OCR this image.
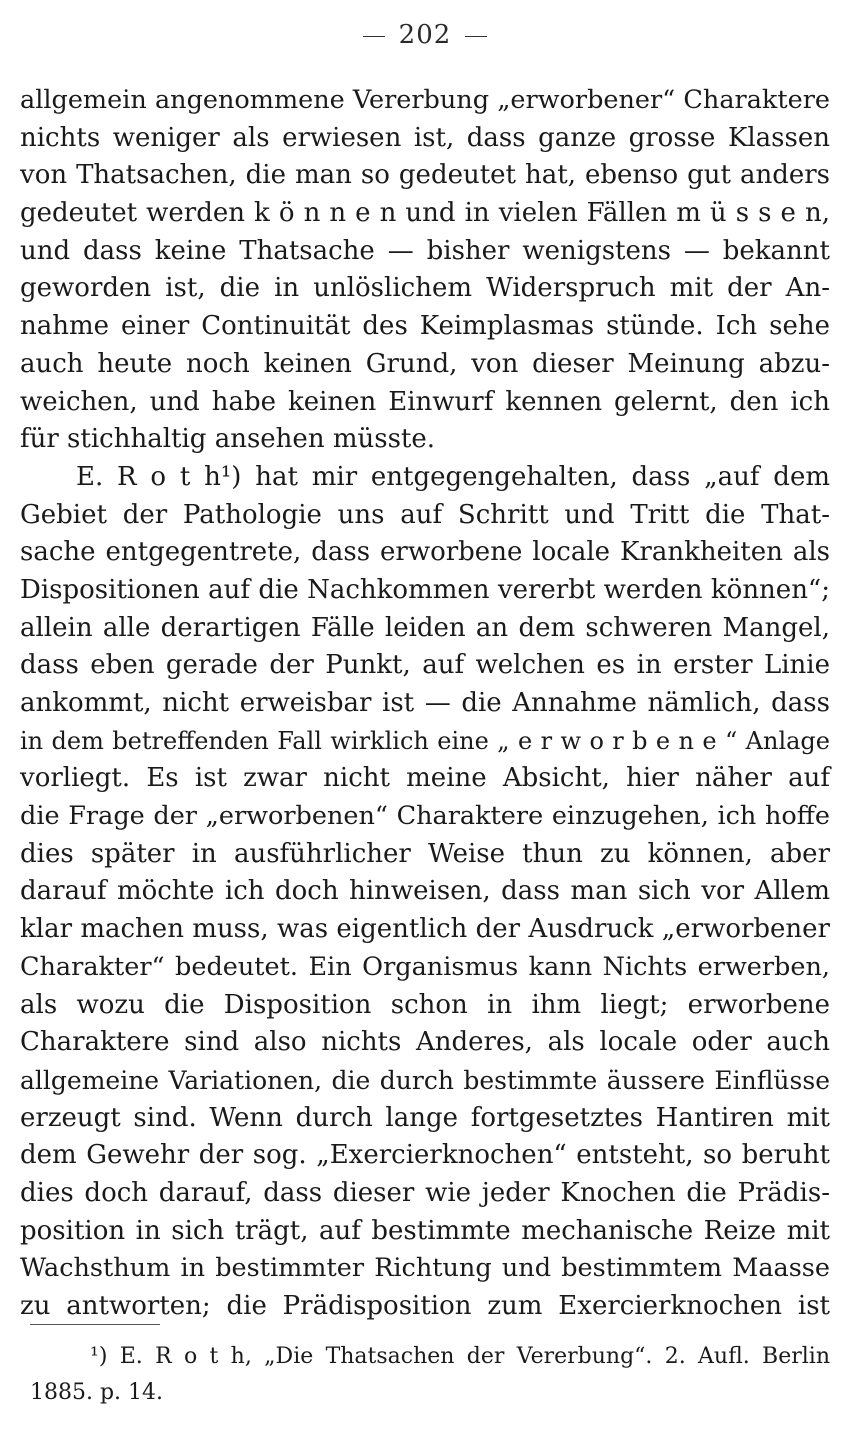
202
allgemein angenommene Vererbung „erworbener“ Charaktere
nichts weniger als erwiesen ist, dass ganze grosse Klassen
von Thatsachen, die man so gedeutet hat, ebenso gut anders
gedeutet werden k ö n n e n und in vielen Fällen m ü s s e n,
und dass keine Thatsache — bisher wenigstens — bekannt
geworden ist, die in unlöslichem Widerspruch mit der An-
nahme einer Continuität des Keimplasmas stünde. Ich sehe
auch heute noch keinen Grund, von dieser Meinung abzu-
weichen, und habe keinen Einwurf kennen gelernt, den ich
für stichhaltig ansehen müsste.
E. R o t h¹) hat mir entgegengehalten, dass „auf dem
Gebiet der Pathologie uns auf Schritt und Tritt die That-
sache entgegentrete, dass erworbene locale Krankheiten als
Dispositionen auf die Nachkommen vererbt werden können“;
allein alle derartigen Fälle leiden an dem schweren Mangel,
dass eben gerade der Punkt, auf welchen es in erster Linie
ankommt, nicht erweisbar ist — die Annahme nämlich, dass
in dem betreffenden Fall wirklich eine „ e r w o r b e n e “ Anlage
vorliegt. Es ist zwar nicht meine Absicht, hier näher auf
die Frage der „erworbenen“ Charaktere einzugehen, ich hoffe
dies später in ausführlicher Weise thun zu können, aber
darauf möchte ich doch hinweisen, dass man sich vor Allem
klar machen muss, was eigentlich der Ausdruck „erworbener
Charakter“ bedeutet. Ein Organismus kann Nichts erwerben,
als wozu die Disposition schon in ihm liegt; erworbene
Charaktere sind also nichts Anderes, als locale oder auch
allgemeine Variationen, die durch bestimmte äussere Einflüsse
erzeugt sind. Wenn durch lange fortgesetztes Hantiren mit
dem Gewehr der sog. „Exercierknochen“ entsteht, so beruht
dies doch darauf, dass dieser wie jeder Knochen die Prädis-
position in sich trägt, auf bestimmte mechanische Reize mit
Wachsthum in bestimmter Richtung und bestimmtem Maasse
zu antworten; die Prädisposition zum Exercierknochen ist
¹) E. R o t h, „Die Thatsachen der Vererbung“. 2. Aufl. Berlin
1885. p. 14.
